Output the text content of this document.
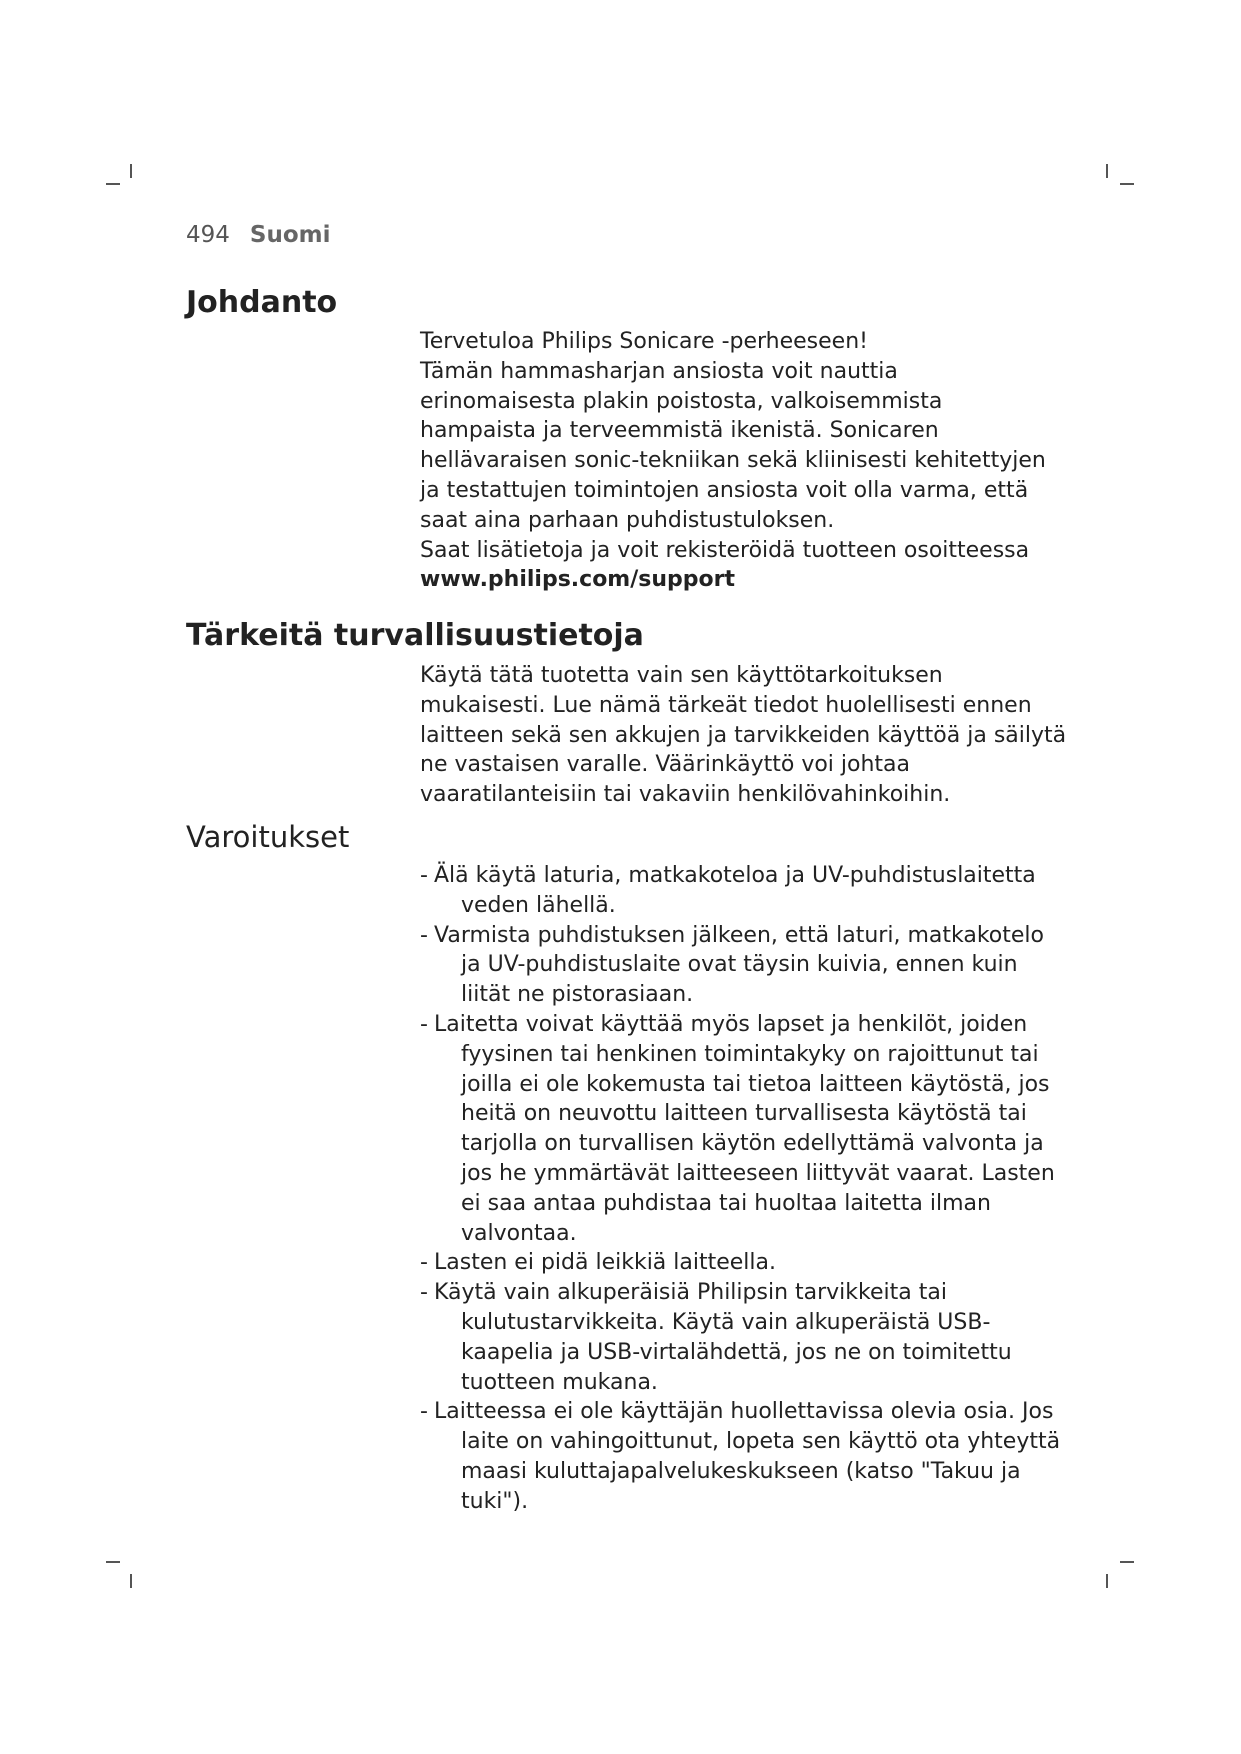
494 Suomi
Johdanto

Tervetuloa Philips Sonicare -perheeseen!

Tämän hammasharjan ansiosta voit nauttia

erinomaisesta plakin poistosta, valkoisemmista

hampaista ja terveemmistä ikenistä. Sonicaren

hellävaraisen sonic-tekniikan sekä kliinisesti kehitettyjen

ja testattujen toimintojen ansiosta voit olla varma, että

saat aina parhaan puhdistustuloksen.

Saat lisätietoja ja voit rekisteröidä tuotteen osoitteessa

www.philips.com/support

Tärkeitä turvallisuustietoja

Käytä tätä tuotetta vain sen käyttötarkoituksen

mukaisesti. Lue nämä tärkeät tiedot huolellisesti ennen

laitteen sekä sen akkujen ja tarvikkeiden käyttöä ja säilytä

ne vastaisen varalle. Väärinkäyttö voi johtaa

vaaratilanteisiin tai vakaviin henkilövahinkoihin.

Varoitukset
- Älä käytä laturia, matkakoteloa ja UV-puhdistuslaitetta veden lähellä.
- Varmista puhdistuksen jälkeen, että laturi, matkakotelo ja UV-puhdistuslaite ovat täysin kuivia, ennen kuin liität ne pistorasiaan.
- Laitetta voivat käyttää myös lapset ja henkilöt, joiden fyysinen tai henkinen toimintakyky on rajoittunut tai joilla ei ole kokemusta tai tietoa laitteen käytöstä, jos heitä on neuvottu laitteen turvallisesta käytöstä tai tarjolla on turvallisen käytön edellyttämä valvonta ja jos he ymmärtävät laitteeseen liittyvät vaarat. Lasten ei saa antaa puhdistaa tai huoltaa laitetta ilman valvontaa.
- Lasten ei pidä leikkiä laitteella.
- Käytä vain alkuperäisiä Philipsin tarvikkeita tai kulutustarvikkeita. Käytä vain alkuperäistä USB-kaapelia ja USB-virtalähdettä, jos ne on toimitettu tuotteen mukana.
- Laitteessa ei ole käyttäjän huollettavissa olevia osia. Jos laite on vahingoittunut, lopeta sen käyttö ota yhteyttä maasi kuluttajapalvelukeskukseen (katso "Takuu ja tuki").
